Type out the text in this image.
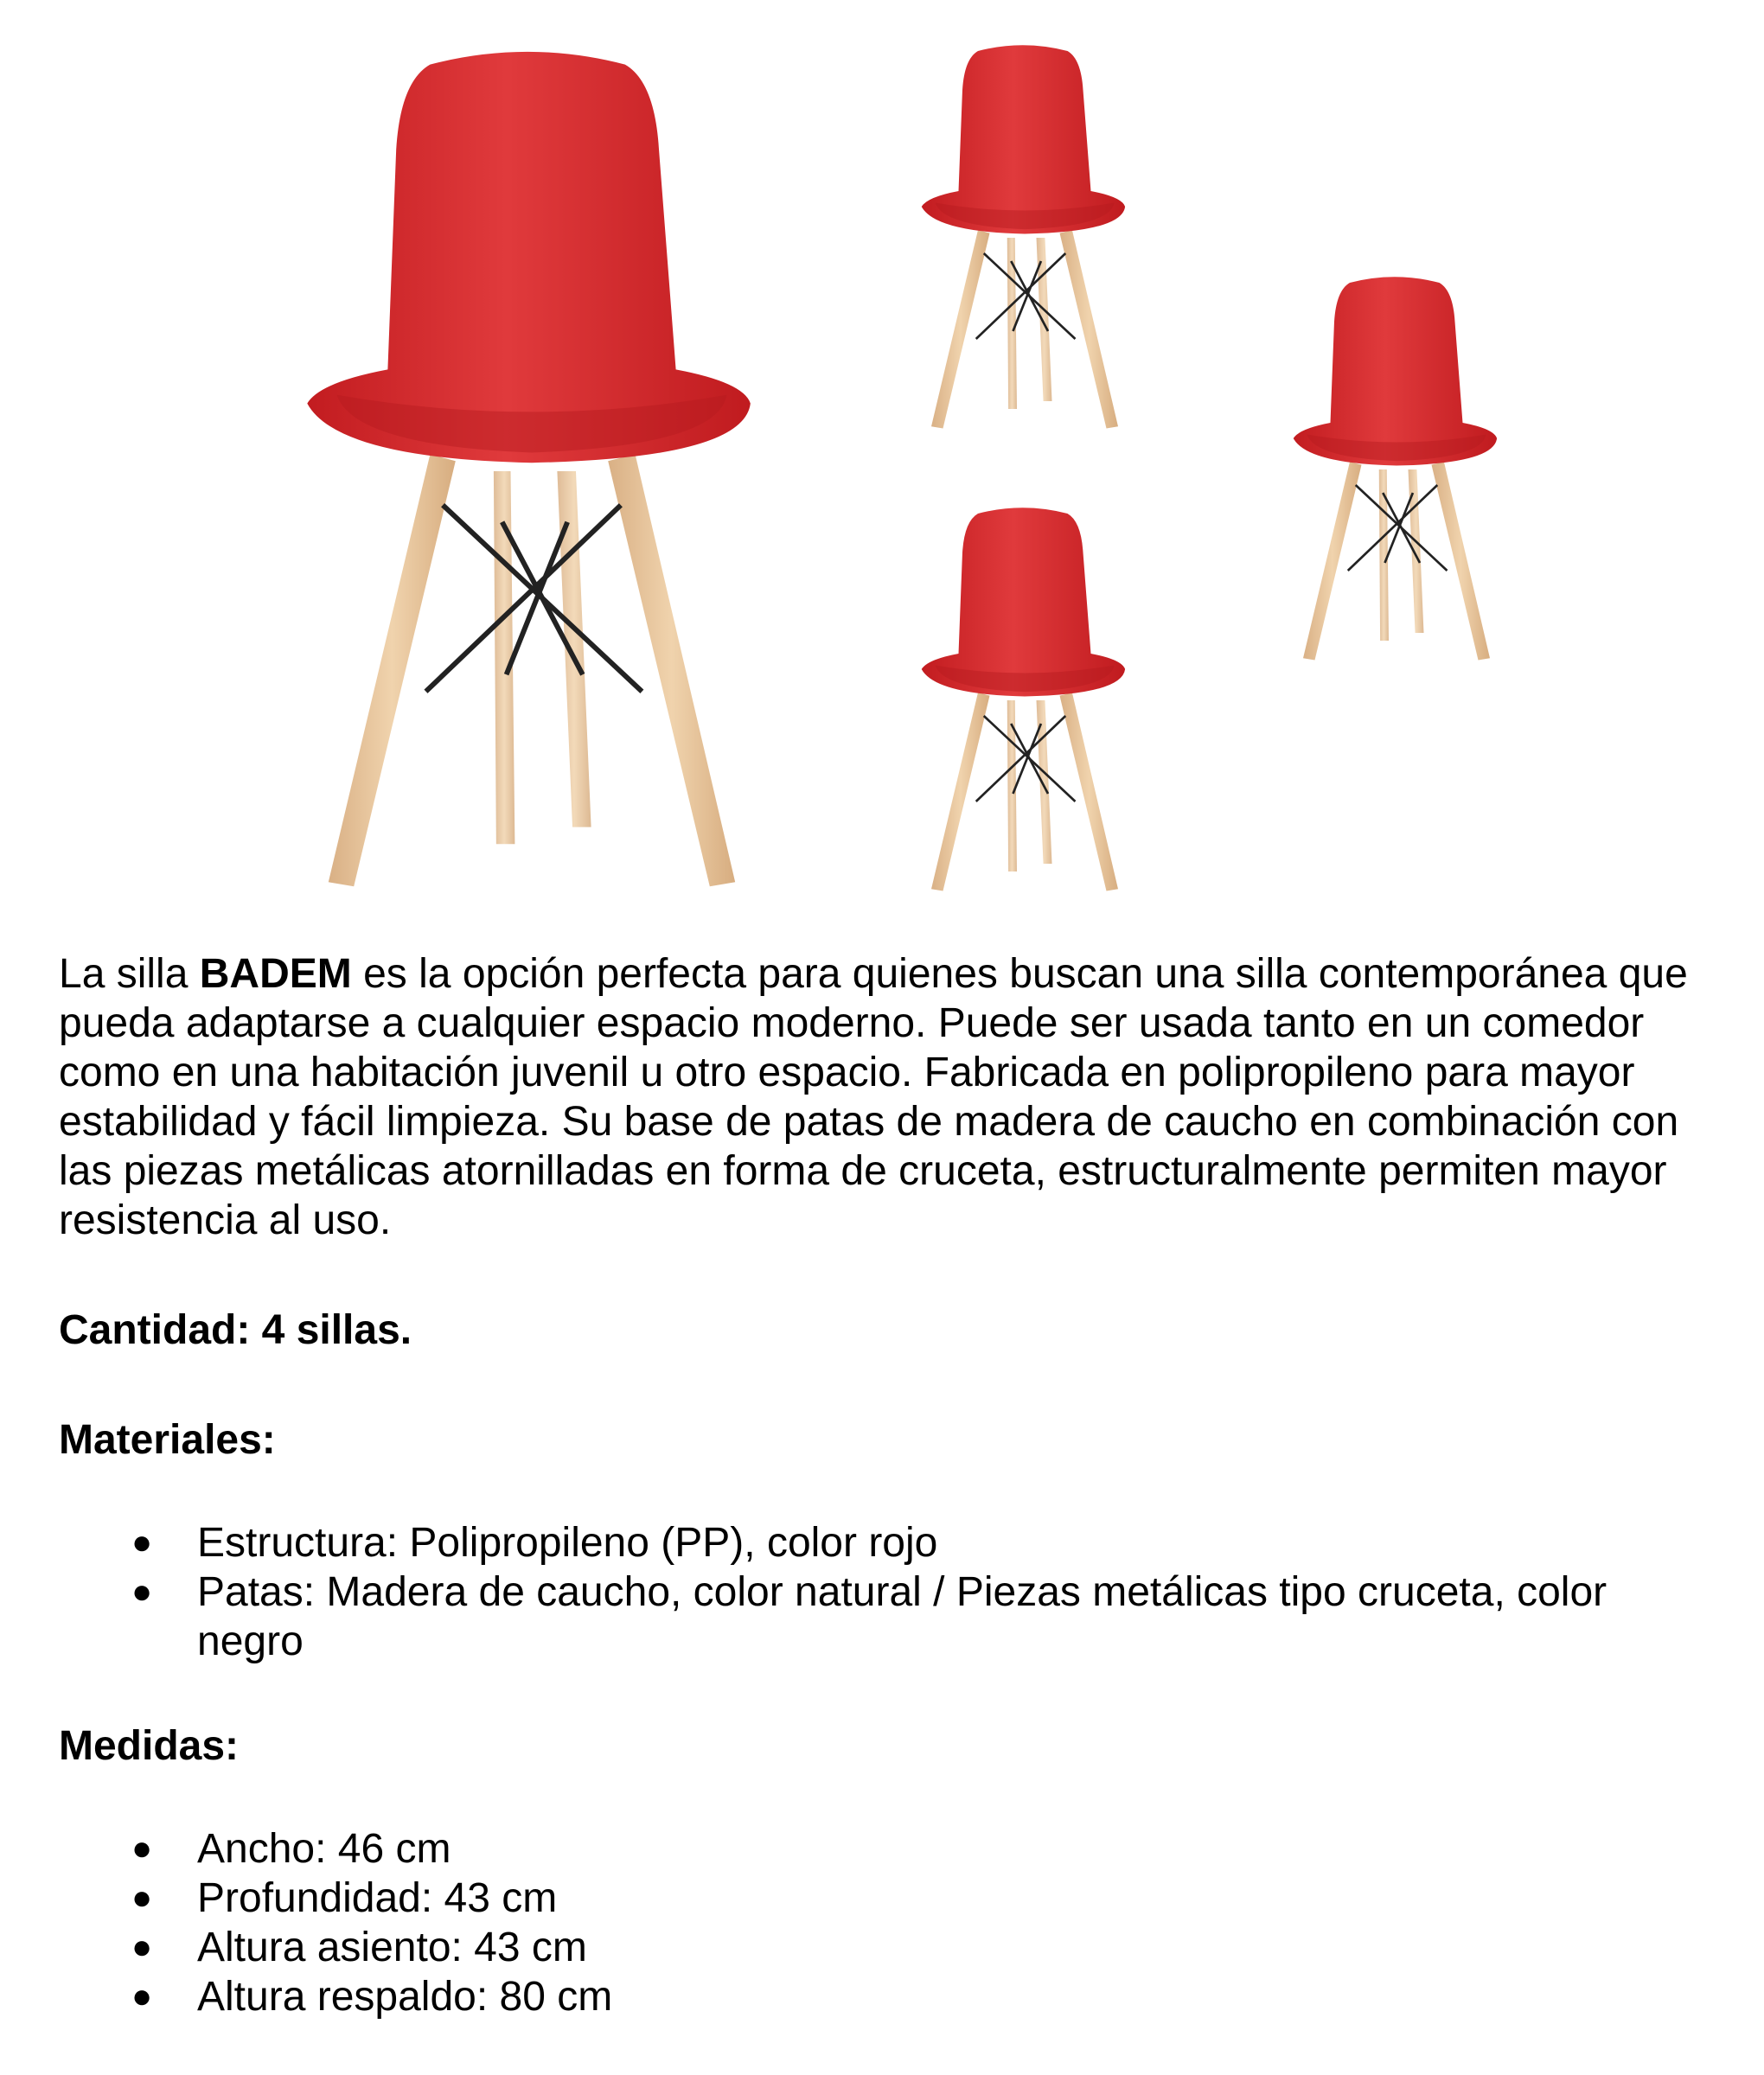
La silla BADEM es la opción perfecta para quienes buscan una silla contemporánea que pueda adaptarse a cualquier espacio moderno. Puede ser usada tanto en un comedor como en una habitación juvenil u otro espacio. Fabricada en polipropileno para mayor estabilidad y fácil limpieza. Su base de patas de madera de caucho en combinación con las piezas metálicas atornilladas en forma de cruceta, estructuralmente permiten mayor resistencia al uso.

Cantidad: 4 sillas.

Materiales:

● Estructura: Polipropileno (PP), color rojo
● Patas: Madera de caucho, color natural / Piezas metálicas tipo cruceta, color negro

Medidas:

● Ancho: 46 cm
● Profundidad: 43 cm
● Altura asiento: 43 cm
● Altura respaldo: 80 cm
